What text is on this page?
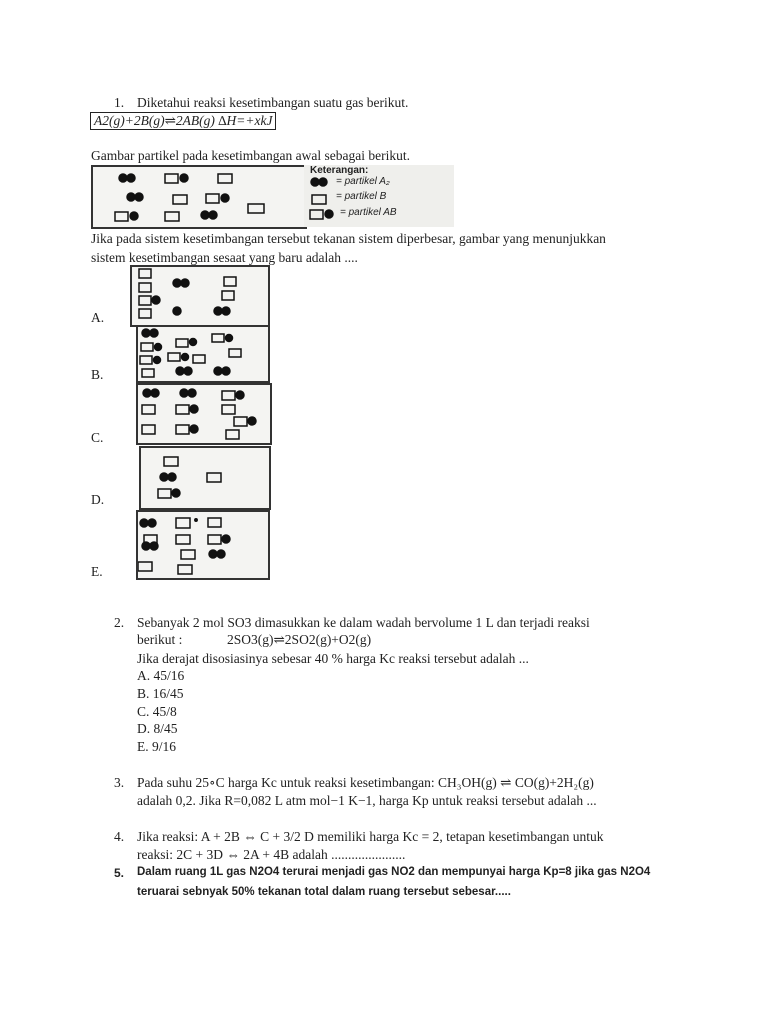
1. Diketahui reaksi kesetimbangan suatu gas berikut.
A2(g)+2B(g)⇌2AB(g) ∆H=+xkJ
Gambar partikel pada kesetimbangan awal sebagai berikut.
Keterangan:
= partikel A₂
= partikel B
= partikel AB
Jika pada sistem kesetimbangan tersebut tekanan sistem diperbesar, gambar yang menunjukkan
sistem kesetimbangan sesaat yang baru adalah ....
A.
B.
C.
D.
E.
2. Sebanyak 2 mol SO3 dimasukkan ke dalam wadah bervolume 1 L dan terjadi reaksi
berikut :	2SO3(g)⇌2SO2(g)+O2(g)
Jika derajat disosiasinya sebesar 40 % harga Kc reaksi tersebut adalah ...
A. 45/16
B. 16/45
C. 45/8
D. 8/45
E. 9/16
3. Pada suhu 25∘C harga Kc untuk reaksi kesetimbangan: CH₃OH(g) ⇌ CO(g)+2H₂(g)
adalah 0,2. Jika R=0,082 L atm mol−1 K−1, harga Kp untuk reaksi tersebut adalah ...
4. Jika reaksi: A + 2B ⇔ C + 3/2 D memiliki harga Kc = 2, tetapan kesetimbangan untuk
reaksi: 2C + 3D ⇔ 2A + 4B adalah ......................
5. Dalam ruang 1L gas N2O4 terurai menjadi gas NO2 dan mempunyai harga Kp=8 jika gas N2O4
teruarai sebnyak 50% tekanan total dalam ruang tersebut sebesar.....
